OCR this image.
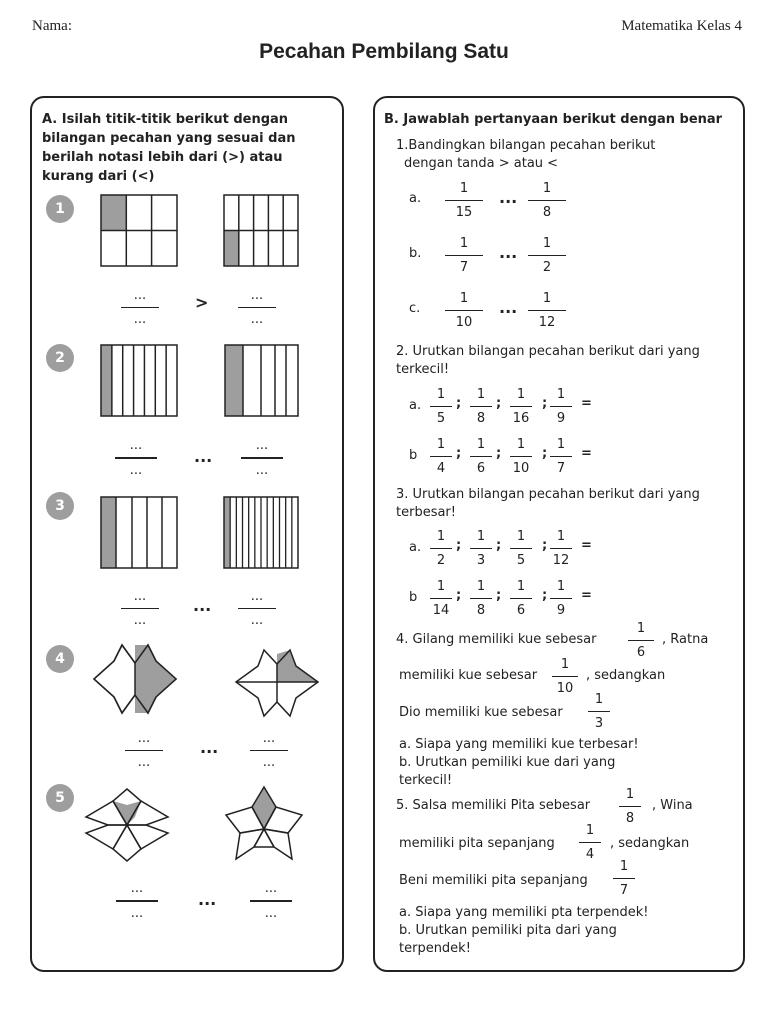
Nama:	Matematika Kelas 4
Pecahan Pembilang Satu
A. Isilah titik-titik berikut dengan
bilangan pecahan yang sesuai dan
berilah notasi lebih dari (>) atau
kurang dari (<)
1
2
3
4
5
...
...
>	...
...
...
...
...
...
...
...
...
...	...
...
...
...
...	...
...
...
...
...
...
...
B. Jawablah pertanyaan berikut dengan benar
1.Bandingkan bilangan pecahan berikut
dengan tanda > atau <
a.
1
15
...	1
8
b.
1
7
...	1
2
c.
1
10
...	1
12
2. Urutkan bilangan pecahan berikut dari yang
terkecil!
a.
1
5
;
1
8
;
1
16
;
1
9
=
b
1
4
;
1
6
;
1
10
;
1
7
=
3. Urutkan bilangan pecahan berikut dari yang
terbesar!
a.
1
2
;
1
3
;
1
5
;
1
12
=
b
1
14
;
1
8
;
1
6
;
1
9
=
4. Gilang memiliki kue sebesar
1
6
, Ratna
memiliki kue sebesar
1
10
, sedangkan
Dio memiliki kue sebesar
1
3
a. Siapa yang memiliki kue terbesar!
b. Urutkan pemiliki kue dari yang
terkecil!
5. Salsa memiliki Pita sebesar
1
8
, Wina
memiliki pita sepanjang
1
4
, sedangkan
Beni memiliki pita sepanjang
1
7
a. Siapa yang memiliki pta terpendek!
b. Urutkan pemiliki pita dari yang
terpendek!
